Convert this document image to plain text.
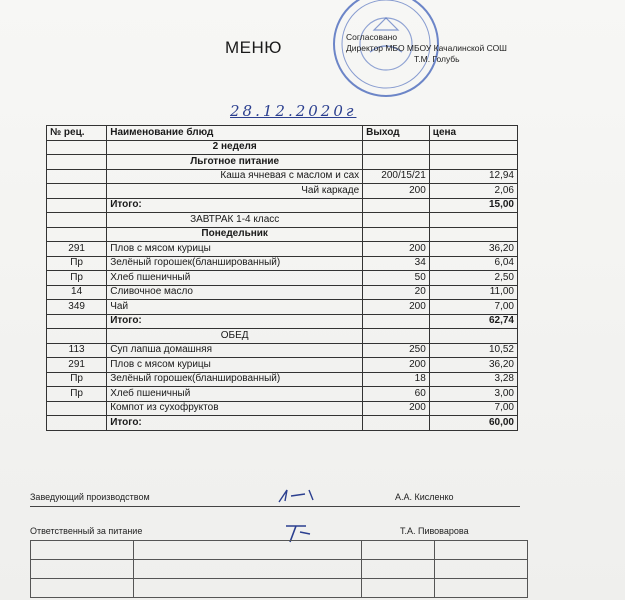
МЕНЮ
Согласовано
Директор МБО МБОУ Качалинской СОШ
Т.М. Голубь
28.12.2020г
№ рец.	Наименование блюд	Выход	цена
	2 неделя		
	Льготное питание		
	Каша ячневая с маслом и сах	200/15/21	12,94
	Чай каркаде	200	2,06
	Итого:		15,00
	ЗАВТРАК 1-4 класс		
	Понедельник		
291	Плов с мясом курицы	200	36,20
Пр	Зелёный горошек(бланшированный)	34	6,04
Пр	Хлеб пшеничный	50	2,50
14	Сливочное масло	20	11,00
349	Чай	200	7,00
	Итого:		62,74
	ОБЕД		
113	Суп лапша домашняя	250	10,52
291	Плов с мясом курицы	200	36,20
Пр	Зелёный горошек(бланшированный)	18	3,28
Пр	Хлеб пшеничный	60	3,00
	Компот из сухофруктов	200	7,00
	Итого:		60,00
Заведующий производством	А.А. Кисленко
Ответственный за питание	Т.А. Пивоварова
